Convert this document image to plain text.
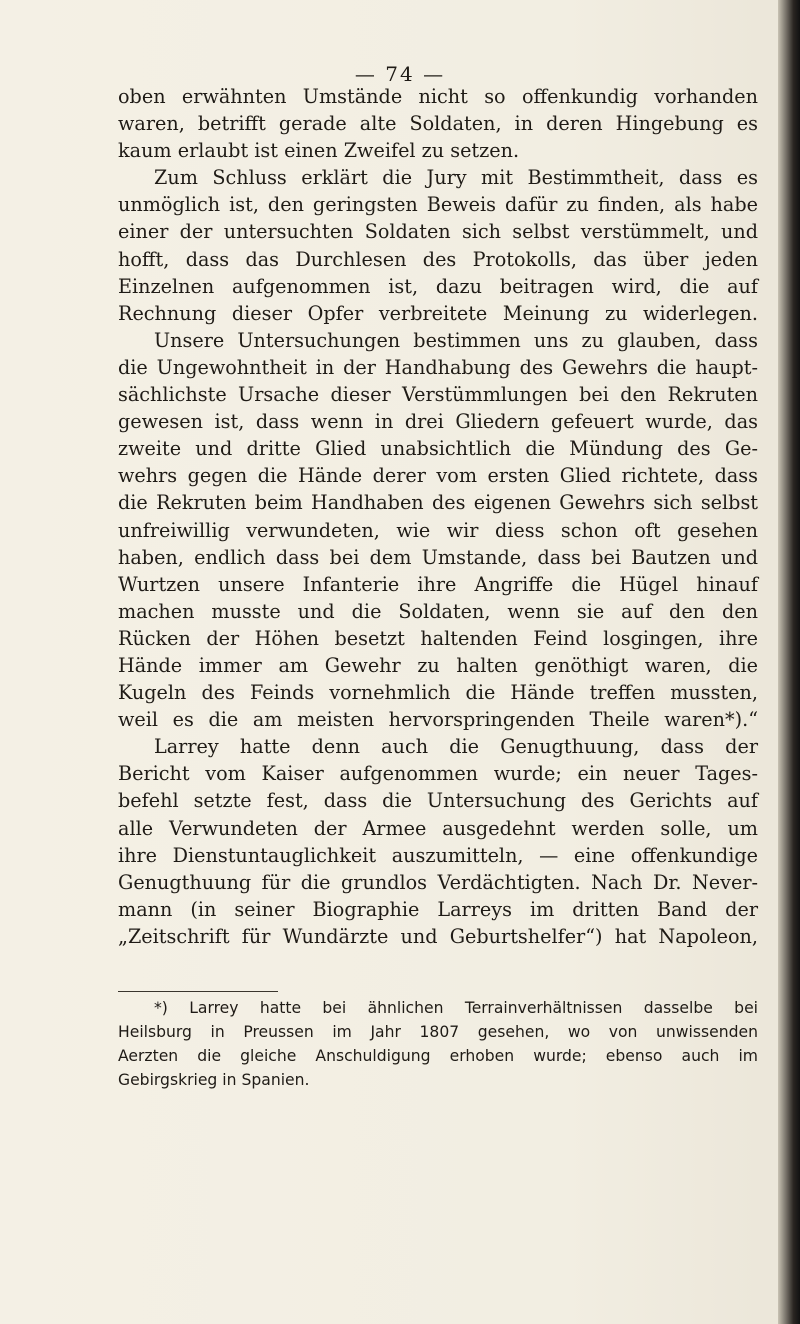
— 74 —
oben erwähnten Umstände nicht so offenkundig vorhanden
waren, betrifft gerade alte Soldaten, in deren Hingebung es
kaum erlaubt ist einen Zweifel zu setzen.
Zum Schluss erklärt die Jury mit Bestimmtheit, dass es
unmöglich ist, den geringsten Beweis dafür zu finden, als habe
einer der untersuchten Soldaten sich selbst verstümmelt, und
hofft, dass das Durchlesen des Protokolls, das über jeden
Einzelnen aufgenommen ist, dazu beitragen wird, die auf
Rechnung dieser Opfer verbreitete Meinung zu widerlegen.
Unsere Untersuchungen bestimmen uns zu glauben, dass
die Ungewohntheit in der Handhabung des Gewehrs die haupt-
sächlichste Ursache dieser Verstümmlungen bei den Rekruten
gewesen ist, dass wenn in drei Gliedern gefeuert wurde, das
zweite und dritte Glied unabsichtlich die Mündung des Ge-
wehrs gegen die Hände derer vom ersten Glied richtete, dass
die Rekruten beim Handhaben des eigenen Gewehrs sich selbst
unfreiwillig verwundeten, wie wir diess schon oft gesehen
haben, endlich dass bei dem Umstande, dass bei Bautzen und
Wurtzen unsere Infanterie ihre Angriffe die Hügel hinauf
machen musste und die Soldaten, wenn sie auf den den
Rücken der Höhen besetzt haltenden Feind losgingen, ihre
Hände immer am Gewehr zu halten genöthigt waren, die
Kugeln des Feinds vornehmlich die Hände treffen mussten,
weil es die am meisten hervorspringenden Theile waren*).“
Larrey hatte denn auch die Genugthuung, dass der
Bericht vom Kaiser aufgenommen wurde; ein neuer Tages-
befehl setzte fest, dass die Untersuchung des Gerichts auf
alle Verwundeten der Armee ausgedehnt werden solle, um
ihre Dienstuntauglichkeit auszumitteln, — eine offenkundige
Genugthuung für die grundlos Verdächtigten. Nach Dr. Never-
mann (in seiner Biographie Larreys im dritten Band der
„Zeitschrift für Wundärzte und Geburtshelfer“) hat Napoleon,
*) Larrey hatte bei ähnlichen Terrainverhältnissen dasselbe bei
Heilsburg in Preussen im Jahr 1807 gesehen, wo von unwissenden
Aerzten die gleiche Anschuldigung erhoben wurde; ebenso auch im
Gebirgskrieg in Spanien.
